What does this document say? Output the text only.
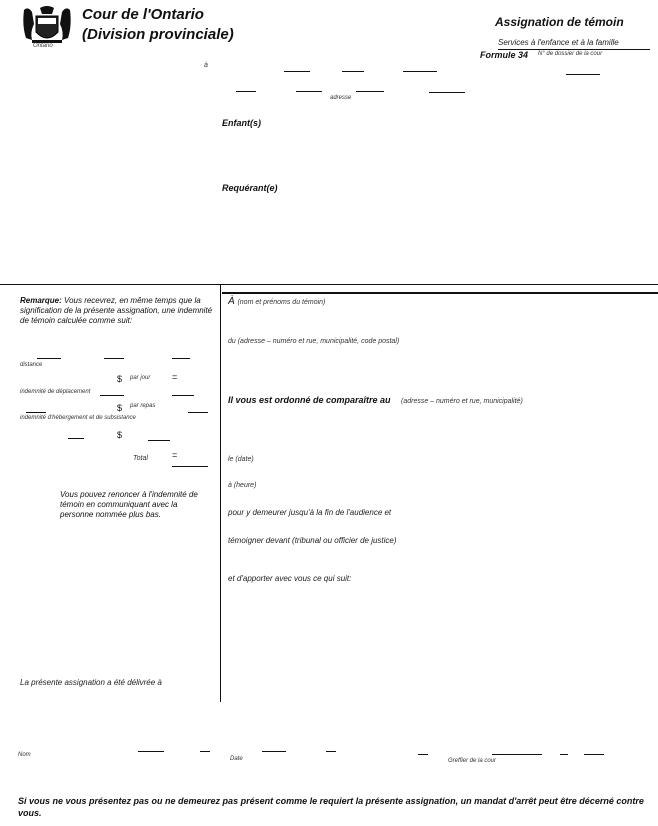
Ontario
Cour de l'Ontario
(Division provinciale)
Assignation de témoin
Services à l'enfance et à la famille
Formule 34 N° de dossier de la cour
à
adresse
Enfant(s)
Requérant(e)
Remarque: Vous recevrez, en même temps que la signification de la présente assignation, une indemnité de témoin calculée comme suit:
distance
$ par jour =
indemnité de déplacement
$ par repas
indemnité d'hébergement et de subsistance
$
Total	=
Vous pouvez renoncer à l'indemnité de témoin en communiquant avec la personne nommée plus bas.
La présente assignation a été délivrée à
À (nom et prénoms du témoin)
du (adresse – numéro et rue, municipalité, code postal)
Il vous est ordonné de comparaître au (adresse – numéro et rue, municipalité)
le (date)
à (heure)
pour y demeurer jusqu'à la fin de l'audience et
témoigner devant (tribunal ou officier de justice)
et d'apporter avec vous ce qui suit:
Nom
Date	Greffier de la cour
Si vous ne vous présentez pas ou ne demeurez pas présent comme le requiert la présente assignation, un mandat d'arrêt peut être décerné contre vous.
